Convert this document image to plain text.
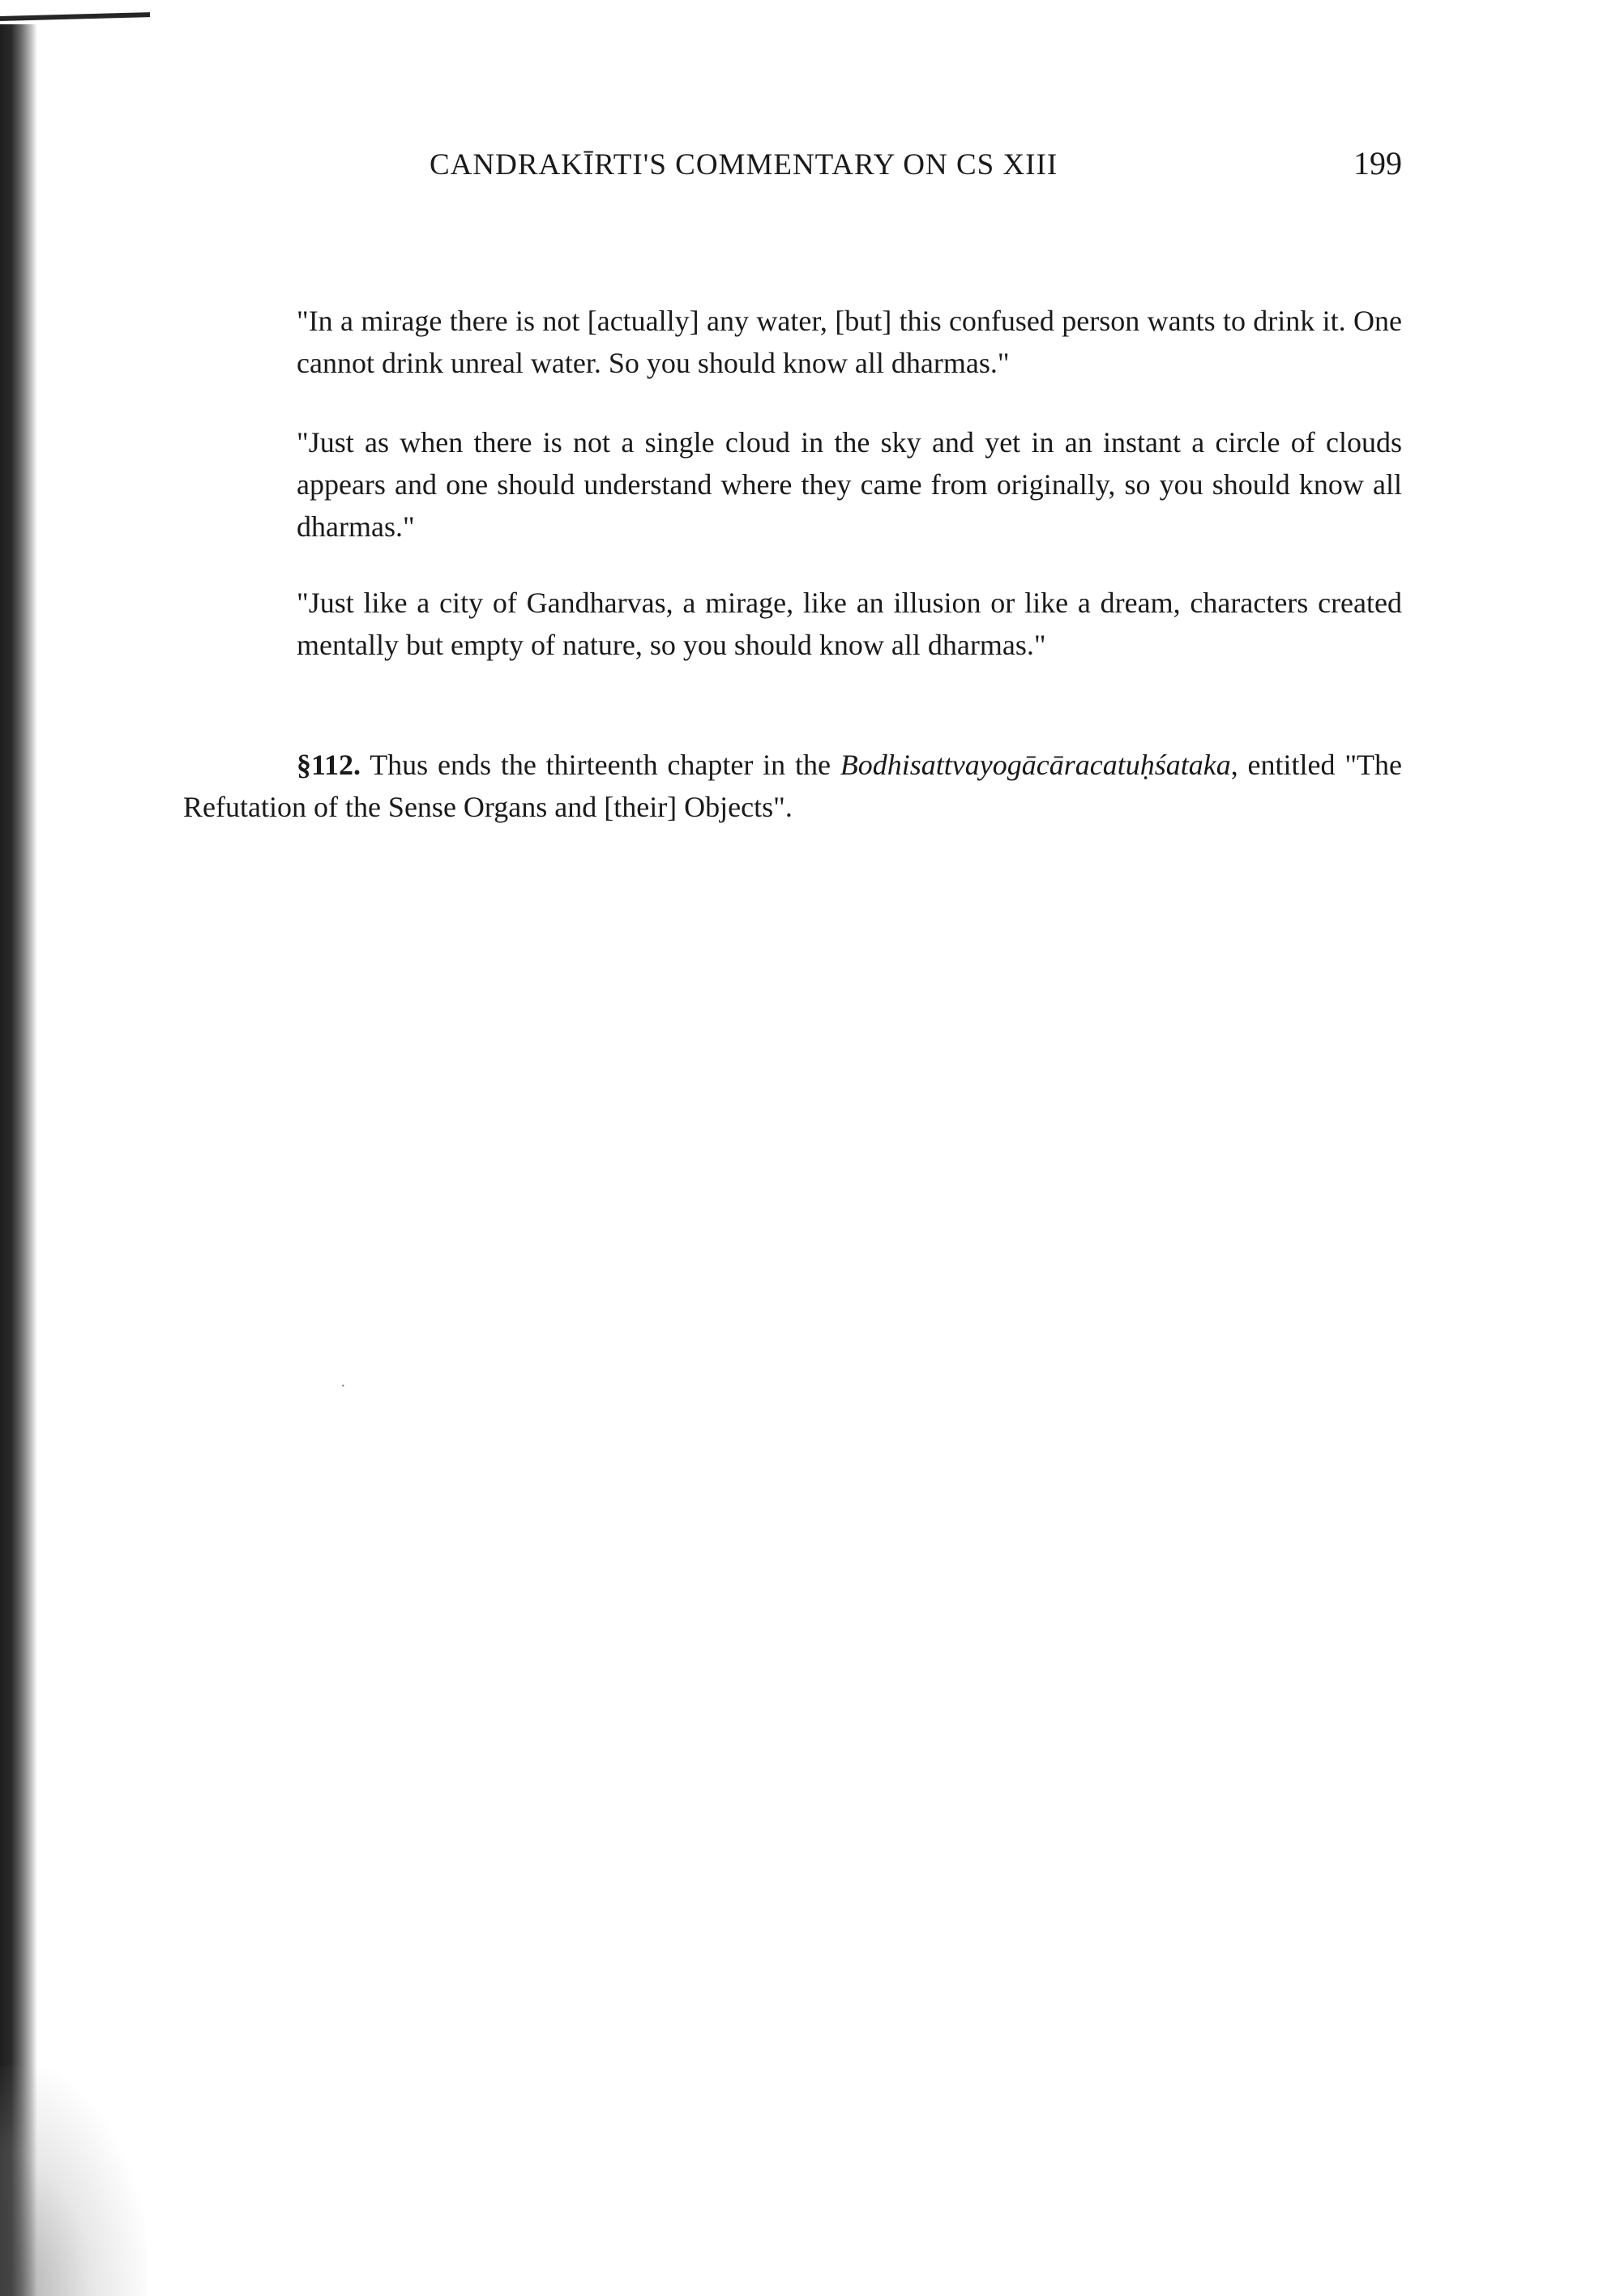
CANDRAKĪRTI'S COMMENTARY ON CS XIII	199

"In a mirage there is not [actually] any water, [but] this confused person wants to drink it. One cannot drink unreal water. So you should know all dharmas."

"Just as when there is not a single cloud in the sky and yet in an instant a circle of clouds appears and one should understand where they came from originally, so you should know all dharmas."

"Just like a city of Gandharvas, a mirage, like an illusion or like a dream, characters created mentally but empty of nature, so you should know all dharmas."

§112. Thus ends the thirteenth chapter in the Bodhisattvayogācāracatuḥśataka, entitled "The Refutation of the Sense Organs and [their] Objects".

·
